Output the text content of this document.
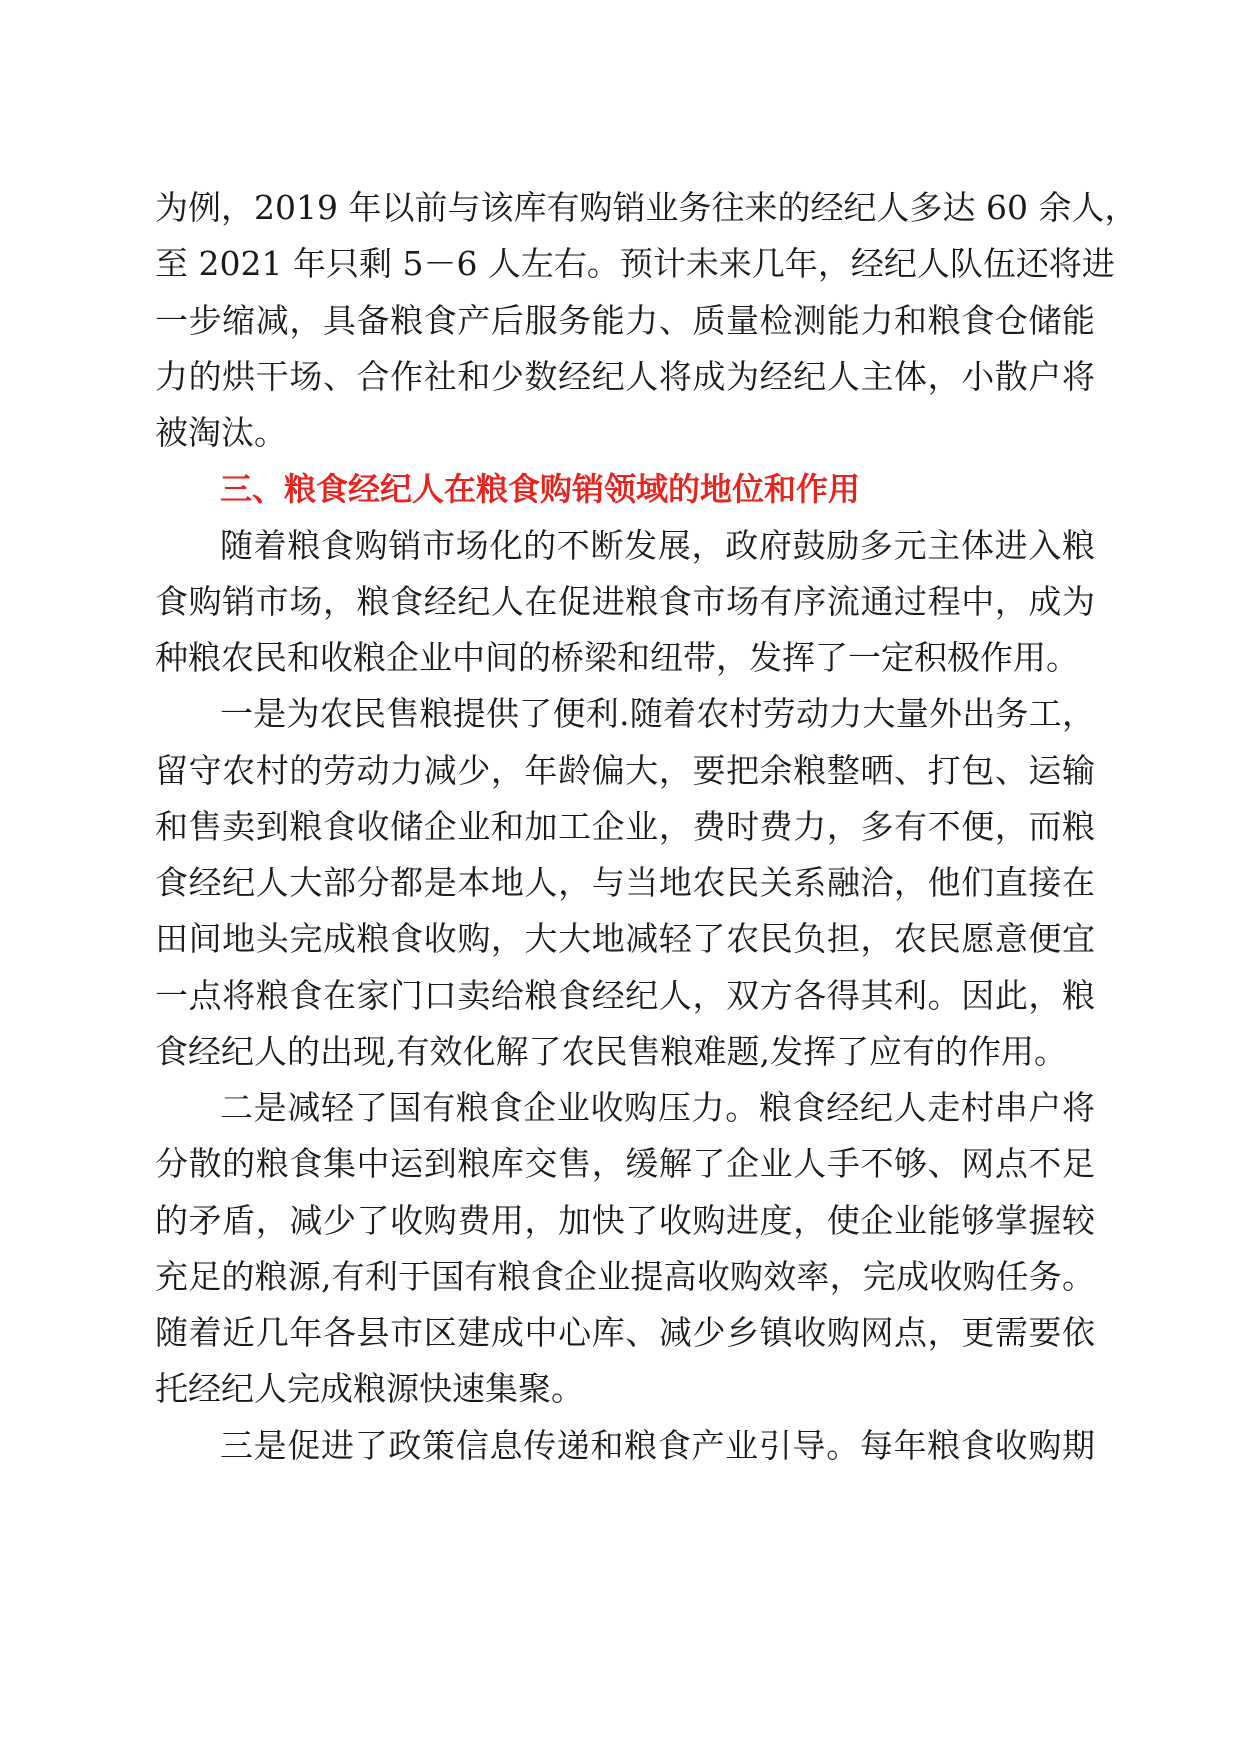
为例，2019 年以前与该库有购销业务往来的经纪人多达 60 余人，
至 2021 年只剩 5－6 人左右。预计未来几年，经纪人队伍还将进
一步缩减，具备粮食产后服务能力、质量检测能力和粮食仓储能
力的烘干场、合作社和少数经纪人将成为经纪人主体，小散户将
被淘汰。
三、粮食经纪人在粮食购销领域的地位和作用
随着粮食购销市场化的不断发展，政府鼓励多元主体进入粮
食购销市场，粮食经纪人在促进粮食市场有序流通过程中，成为
种粮农民和收粮企业中间的桥梁和纽带，发挥了一定积极作用。
一是为农民售粮提供了便利.随着农村劳动力大量外出务工，
留守农村的劳动力减少，年龄偏大，要把余粮整晒、打包、运输
和售卖到粮食收储企业和加工企业，费时费力，多有不便，而粮
食经纪人大部分都是本地人，与当地农民关系融洽，他们直接在
田间地头完成粮食收购，大大地减轻了农民负担，农民愿意便宜
一点将粮食在家门口卖给粮食经纪人，双方各得其利。因此，粮
食经纪人的出现,有效化解了农民售粮难题,发挥了应有的作用。
二是减轻了国有粮食企业收购压力。粮食经纪人走村串户将
分散的粮食集中运到粮库交售，缓解了企业人手不够、网点不足
的矛盾，减少了收购费用，加快了收购进度，使企业能够掌握较
充足的粮源,有利于国有粮食企业提高收购效率，完成收购任务。
随着近几年各县市区建成中心库、减少乡镇收购网点，更需要依
托经纪人完成粮源快速集聚。
三是促进了政策信息传递和粮食产业引导。每年粮食收购期
